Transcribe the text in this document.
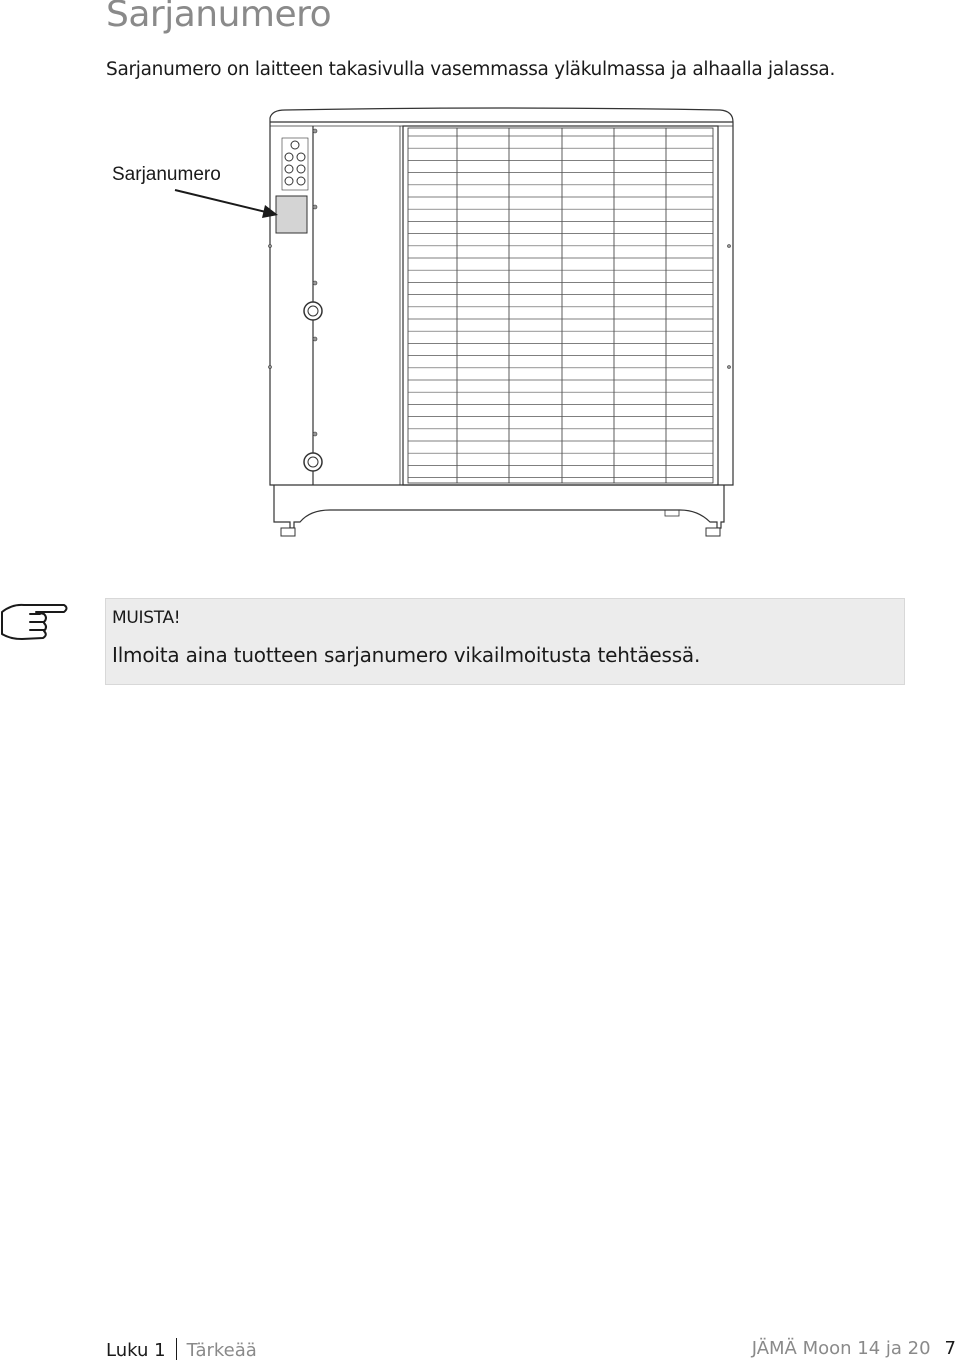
Sarjanumero

Sarjanumero on laitteen takasivulla vasemmassa yläkulmassa ja alhaalla jalassa.

Sarjanumero
MUISTA!
Ilmoita aina tuotteen sarjanumero vikailmoitusta tehtäessä.
Luku 1 Tärkeää	JÄMÄ Moon 14 ja 20 7
